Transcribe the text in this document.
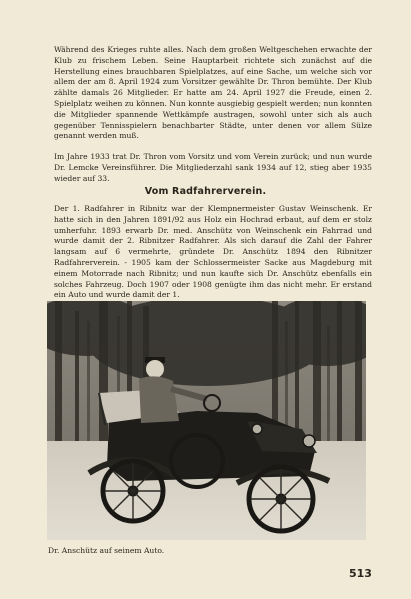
Während des Krieges ruhte alles. Nach dem großen Weltgeschehen erwachte der Klub zu frischem Leben. Seine Hauptarbeit richtete sich zunächst auf die Herstellung eines brauchbaren Spielplatzes, auf eine Sache, um welche sich vor allem der am 8. April 1924 zum Vorsitzer gewählte Dr. Thron bemühte. Der Klub zählte damals 26 Mitglieder. Er hatte am 24. April 1927 die Freude, einen 2. Spielplatz weihen zu können. Nun konnte ausgiebig gespielt werden; nun konnten die Mitglieder spannende Wettkämpfe austragen, sowohl unter sich als auch gegenüber Tennisspielern benachbarter Städte, unter denen vor allem Sülze genannt werden muß.

Im Jahre 1933 trat Dr. Thron vom Vorsitz und vom Verein zurück; und nun wurde Dr. Lemcke Vereinsführer. Die Mitgliederzahl sank 1934 auf 12, stieg aber 1935 wieder auf 33.

Vom Radfahrerverein.

Der 1. Radfahrer in Ribnitz war der Klempnermeister Gustav Weinschenk. Er hatte sich in den Jahren 1891/92 aus Holz ein Hochrad erbaut, auf dem er stolz umherfuhr. 1893 erwarb Dr. med. Anschütz von Weinschenk ein Fahrrad und wurde damit der 2. Ribnitzer Radfahrer. Als sich darauf die Zahl der Fahrer langsam auf 6 vermehrte, gründete Dr. Anschütz 1894 den Ribnitzer Radfahrerverein. - 1905 kam der Schlossermeister Sacke aus Magdeburg mit einem Motorrade nach Ribnitz; und nun kaufte sich Dr. Anschütz ebenfalls ein solches Fahrzeug. Doch 1907 oder 1908 genügte ihm das nicht mehr. Er erstand ein Auto und wurde damit der 1.

Dr. Anschütz auf seinem Auto.
513
